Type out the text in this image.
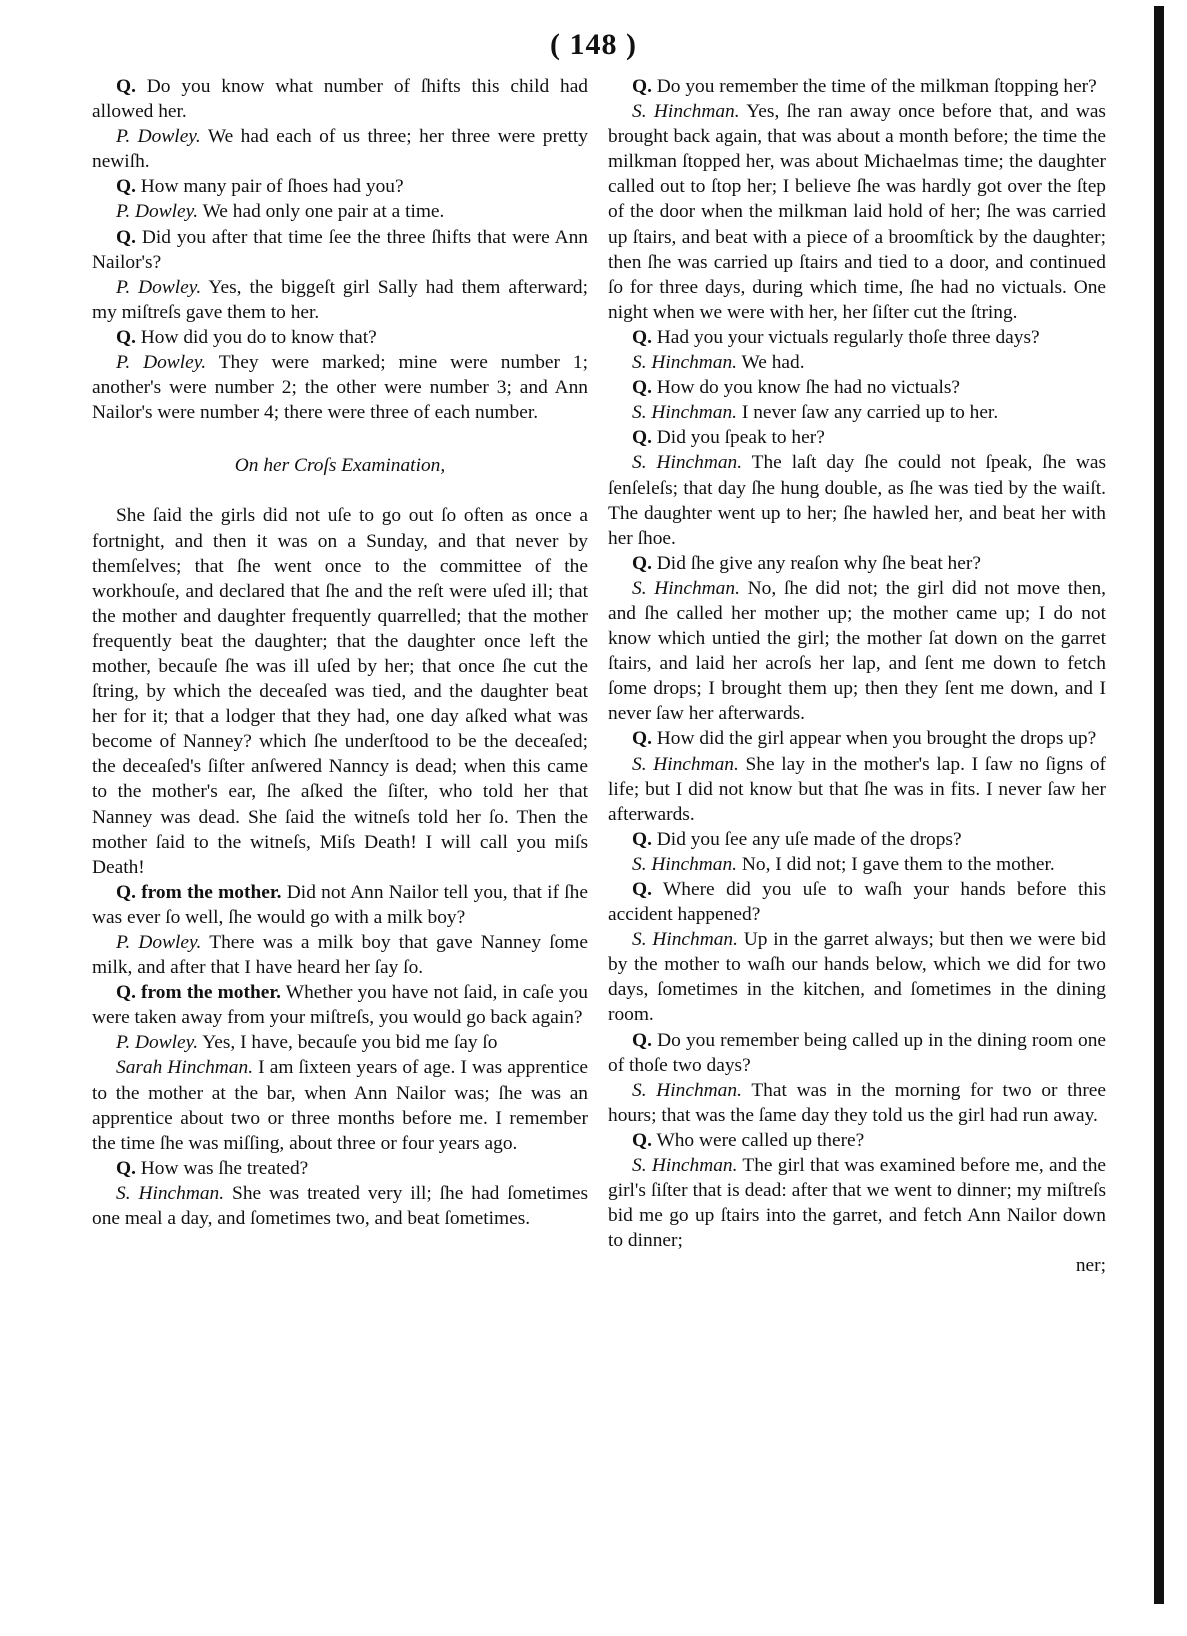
( 148 )

Q. Do you know what number of ſhifts this child had allowed her.

P. Dowley. We had each of us three; her three were pretty newiſh.

Q. How many pair of ſhoes had you?

P. Dowley. We had only one pair at a time.

Q. Did you after that time ſee the three ſhifts that were Ann Nailor's?

P. Dowley. Yes, the biggeſt girl Sally had them afterward; my miſtreſs gave them to her.

Q. How did you do to know that?

P. Dowley. They were marked; mine were number 1; another's were number 2; the other were number 3; and Ann Nailor's were number 4; there were three of each number.

On her Croſs Examination,

She ſaid the girls did not uſe to go out ſo often as once a fortnight, and then it was on a Sunday, and that never by themſelves; that ſhe went once to the committee of the workhouſe, and declared that ſhe and the reſt were uſed ill; that the mother and daughter frequently quarrelled; that the mother frequently beat the daughter; that the daughter once left the mother, becauſe ſhe was ill uſed by her; that once ſhe cut the ſtring, by which the deceaſed was tied, and the daughter beat her for it; that a lodger that they had, one day aſked what was become of Nanney? which ſhe underſtood to be the deceaſed; the deceaſed's ſiſter anſwered Nanncy is dead; when this came to the mother's ear, ſhe aſked the ſiſter, who told her that Nanney was dead. She ſaid the witneſs told her ſo. Then the mother ſaid to the witneſs, Miſs Death! I will call you miſs Death!

Q. from the mother. Did not Ann Nailor tell you, that if ſhe was ever ſo well, ſhe would go with a milk boy?

P. Dowley. There was a milk boy that gave Nanney ſome milk, and after that I have heard her ſay ſo.

Q. from the mother. Whether you have not ſaid, in caſe you were taken away from your miſtreſs, you would go back again?

P. Dowley. Yes, I have, becauſe you bid me ſay ſo

Sarah Hinchman. I am ſixteen years of age. I was apprentice to the mother at the bar, when Ann Nailor was; ſhe was an apprentice about two or three months before me. I remember the time ſhe was miſſing, about three or four years ago.

Q. How was ſhe treated?

S. Hinchman. She was treated very ill; ſhe had ſometimes one meal a day, and ſometimes two, and beat ſometimes.

Q. Do you remember the time of the milkman ſtopping her?

S. Hinchman. Yes, ſhe ran away once before that, and was brought back again, that was about a month before; the time the milkman ſtopped her, was about Michaelmas time; the daughter called out to ſtop her; I believe ſhe was hardly got over the ſtep of the door when the milkman laid hold of her; ſhe was carried up ſtairs, and beat with a piece of a broomſtick by the daughter; then ſhe was carried up ſtairs and tied to a door, and continued ſo for three days, during which time, ſhe had no victuals. One night when we were with her, her ſiſter cut the ſtring.

Q. Had you your victuals regularly thoſe three days?

S. Hinchman. We had.

Q. How do you know ſhe had no victuals?

S. Hinchman. I never ſaw any carried up to her.

Q. Did you ſpeak to her?

S. Hinchman. The laſt day ſhe could not ſpeak, ſhe was ſenſeleſs; that day ſhe hung double, as ſhe was tied by the waiſt. The daughter went up to her; ſhe hawled her, and beat her with her ſhoe.

Q. Did ſhe give any reaſon why ſhe beat her?

S. Hinchman. No, ſhe did not; the girl did not move then, and ſhe called her mother up; the mother came up; I do not know which untied the girl; the mother ſat down on the garret ſtairs, and laid her acroſs her lap, and ſent me down to fetch ſome drops; I brought them up; then they ſent me down, and I never ſaw her afterwards.

Q. How did the girl appear when you brought the drops up?

S. Hinchman. She lay in the mother's lap. I ſaw no ſigns of life; but I did not know but that ſhe was in fits. I never ſaw her afterwards.

Q. Did you ſee any uſe made of the drops?

S. Hinchman. No, I did not; I gave them to the mother.

Q. Where did you uſe to waſh your hands before this accident happened?

S. Hinchman. Up in the garret always; but then we were bid by the mother to waſh our hands below, which we did for two days, ſometimes in the kitchen, and ſometimes in the dining room.

Q. Do you remember being called up in the dining room one of thoſe two days?

S. Hinchman. That was in the morning for two or three hours; that was the ſame day they told us the girl had run away.

Q. Who were called up there?

S. Hinchman. The girl that was examined before me, and the girl's ſiſter that is dead: after that we went to dinner; my miſtreſs bid me go up ſtairs into the garret, and fetch Ann Nailor down to dinner;

ner;
